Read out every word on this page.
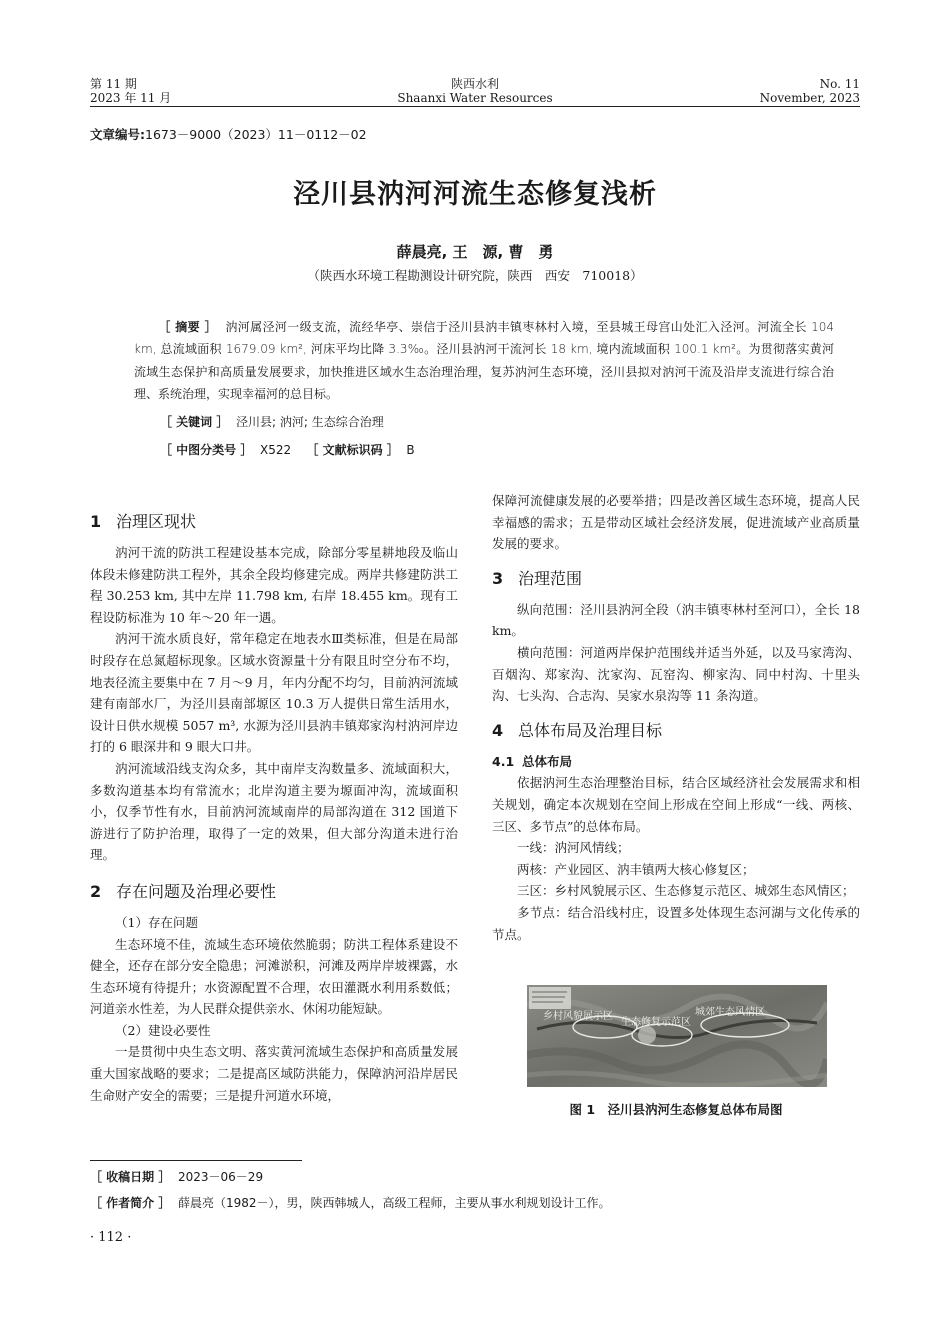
第 11 期
2023 年 11 月
陕西水利
Shaanxi Water Resources
No. 11
November, 2023
文章编号:1673－9000（2023）11－0112－02
泾川县汭河河流生态修复浅析
薛晨亮, 王　源, 曹　勇
（陕西水环境工程勘测设计研究院，陕西　西安　710018）
［ 摘要 ］ 汭河属泾河一级支流，流经华亭、崇信于泾川县汭丰镇枣林村入境，至县城王母宫山处汇入泾河。河流全长 104 km, 总流域面积 1679.09 km², 河床平均比降 3.3‰。泾川县汭河干流河长 18 km, 境内流域面积 100.1 km²。为贯彻落实黄河流域生态保护和高质量发展要求，加快推进区域水生态治理治理，复苏汭河生态环境，泾川县拟对汭河干流及沿岸支流进行综合治理、系统治理，实现幸福河的总目标。
［ 关键词 ］ 泾川县; 汭河; 生态综合治理
［ 中图分类号 ］ X522 ［ 文献标识码 ］ B
1 治理区现状

汭河干流的防洪工程建设基本完成，除部分零星耕地段及临山体段未修建防洪工程外，其余全段均修建完成。两岸共修建防洪工程 30.253 km, 其中左岸 11.798 km, 右岸 18.455 km。现有工程设防标准为 10 年～20 年一遇。

汭河干流水质良好，常年稳定在地表水Ⅲ类标准，但是在局部时段存在总氮超标现象。区域水资源量十分有限且时空分布不均，地表径流主要集中在 7 月～9 月，年内分配不均匀，目前汭河流域建有南部水厂，为泾川县南部塬区 10.3 万人提供日常生活用水，设计日供水规模 5057 m³, 水源为泾川县汭丰镇郑家沟村汭河岸边打的 6 眼深井和 9 眼大口井。

汭河流域沿线支沟众多，其中南岸支沟数量多、流域面积大，多数沟道基本均有常流水；北岸沟道主要为塬面冲沟，流域面积小，仅季节性有水，目前汭河流域南岸的局部沟道在 312 国道下游进行了防护治理，取得了一定的效果，但大部分沟道未进行治理。

2 存在问题及治理必要性

（1）存在问题

生态环境不佳，流域生态环境依然脆弱；防洪工程体系建设不健全，还存在部分安全隐患；河滩淤积，河滩及两岸岸坡裸露，水生态环境有待提升；水资源配置不合理，农田灌溉水利用系数低；河道亲水性差，为人民群众提供亲水、休闲功能短缺。

（2）建设必要性

一是贯彻中央生态文明、落实黄河流域生态保护和高质量发展重大国家战略的要求；二是提高区域防洪能力，保障汭河沿岸居民生命财产安全的需要；三是提升河道水环境，

保障河流健康发展的必要举措；四是改善区域生态环境，提高人民幸福感的需求；五是带动区域社会经济发展，促进流域产业高质量发展的要求。

3 治理范围

纵向范围：泾川县汭河全段（汭丰镇枣林村至河口），全长 18 km。

横向范围：河道两岸保护范围线并适当外延，以及马家湾沟、百烟沟、郑家沟、沈家沟、瓦窑沟、柳家沟、同中村沟、十里头沟、七头沟、合志沟、吴家水泉沟等 11 条沟道。

4 总体布局及治理目标
4.1 总体布局

依据汭河生态治理整治目标，结合区域经济社会发展需求和相关规划，确定本次规划在空间上形成在空间上形成“一线、两核、三区、多节点”的总体布局。

一线：汭河风情线；

两核：产业园区、汭丰镇两大核心修复区；

三区：乡村风貌展示区、生态修复示范区、城郊生态风情区；

多节点：结合沿线村庄，设置多处体现生态河湖与文化传承的节点。

乡村风貌展示区
生态修复示范区
城郊生态风情区
图 1　泾川县汭河生态修复总体布局图
［ 收稿日期 ］ 2023－06－29
［ 作者简介 ］ 薛晨亮（1982－），男，陕西韩城人，高级工程师，主要从事水利规划设计工作。
· 112 ·
